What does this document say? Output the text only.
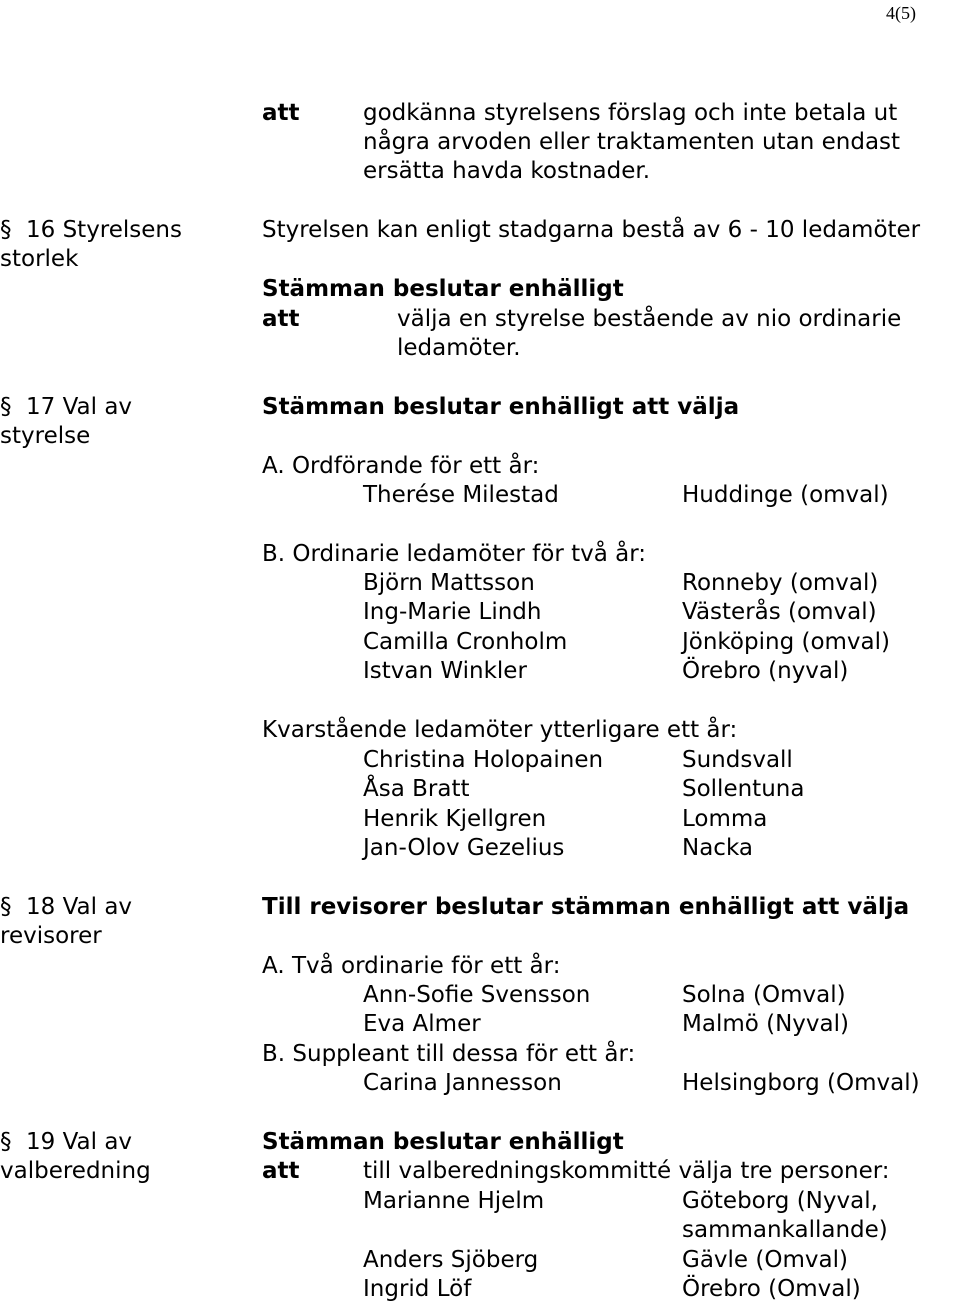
4(5)
att	godkänna styrelsens förslag och inte betala ut
några arvoden eller traktamenten utan endast
ersätta havda kostnader.
§ 16 Styrelsens
storlek
Styrelsen kan enligt stadgarna bestå av 6 - 10 ledamöter
Stämman beslutar enhälligt
att	välja en styrelse bestående av nio ordinarie
ledamöter.
§ 17 Val av
styrelse
Stämman beslutar enhälligt att välja
A. Ordförande för ett år:
Therése Milestad	Huddinge (omval)
B. Ordinarie ledamöter för två år:
Björn Mattsson	Ronneby (omval)
Ing-Marie Lindh	Västerås (omval)
Camilla Cronholm	Jönköping (omval)
Istvan Winkler	Örebro (nyval)
Kvarstående ledamöter ytterligare ett år:
Christina Holopainen	Sundsvall
Åsa Bratt	Sollentuna
Henrik Kjellgren	Lomma
Jan-Olov Gezelius	Nacka
§ 18 Val av
revisorer
Till revisorer beslutar stämman enhälligt att välja
A. Två ordinarie för ett år:
Ann-Sofie Svensson	Solna (Omval)
Eva Almer	Malmö (Nyval)
B. Suppleant till dessa för ett år:
Carina Jannesson	Helsingborg (Omval)
§ 19 Val av
valberedning
Stämman beslutar enhälligt
att	till valberedningskommitté välja tre personer:
Marianne Hjelm	Göteborg (Nyval,
sammankallande)
Anders Sjöberg	Gävle (Omval)
Ingrid Löf	Örebro (Omval)
